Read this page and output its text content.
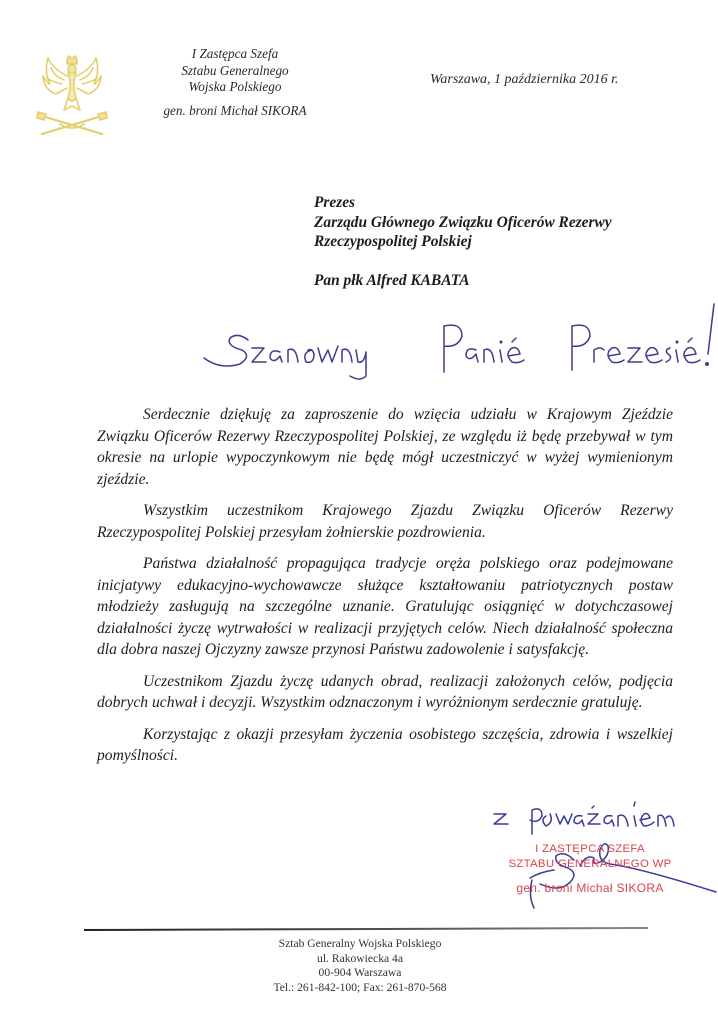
I Zastępca Szefa
Sztabu Generalnego
Wojska Polskiego
gen. broni Michał SIKORA
Warszawa, 1 października 2016 r.
Prezes
Zarządu Głównego Związku Oficerów Rezerwy
Rzeczypospolitej Polskiej
Pan płk Alfred KABATA

Serdecznie dziękuję za zaproszenie do wzięcia udziału w Krajowym Zjeździe Związku Oficerów Rezerwy Rzeczypospolitej Polskiej, ze względu iż będę przebywał w tym okresie na urlopie wypoczynkowym nie będę mógł uczestniczyć w wyżej wymienionym zjeździe.

Wszystkim uczestnikom Krajowego Zjazdu Związku Oficerów Rezerwy Rzeczypospolitej Polskiej przesyłam żołnierskie pozdrowienia.

Państwa działalność propagująca tradycje oręża polskiego oraz podejmowane inicjatywy edukacyjno-wychowawcze służące kształtowaniu patriotycznych postaw młodzieży zasługują na szczególne uznanie. Gratulując osiągnięć w dotychczasowej działalności życzę wytrwałości w realizacji przyjętych celów. Niech działalność społeczna dla dobra naszej Ojczyzny zawsze przynosi Państwu zadowolenie i satysfakcję.

Uczestnikom Zjazdu życzę udanych obrad, realizacji założonych celów, podjęcia dobrych uchwał i decyzji. Wszystkim odznaczonym i wyróżnionym serdecznie gratuluję.

Korzystając z okazji przesyłam życzenia osobistego szczęścia, zdrowia i wszelkiej pomyślności.

I ZASTĘPCA SZEFA
SZTABU GENERALNEGO WP
gen. broni Michał SIKORA
Sztab Generalny Wojska Polskiego
ul. Rakowiecka 4a
00-904 Warszawa
Tel.: 261-842-100; Fax: 261-870-568
